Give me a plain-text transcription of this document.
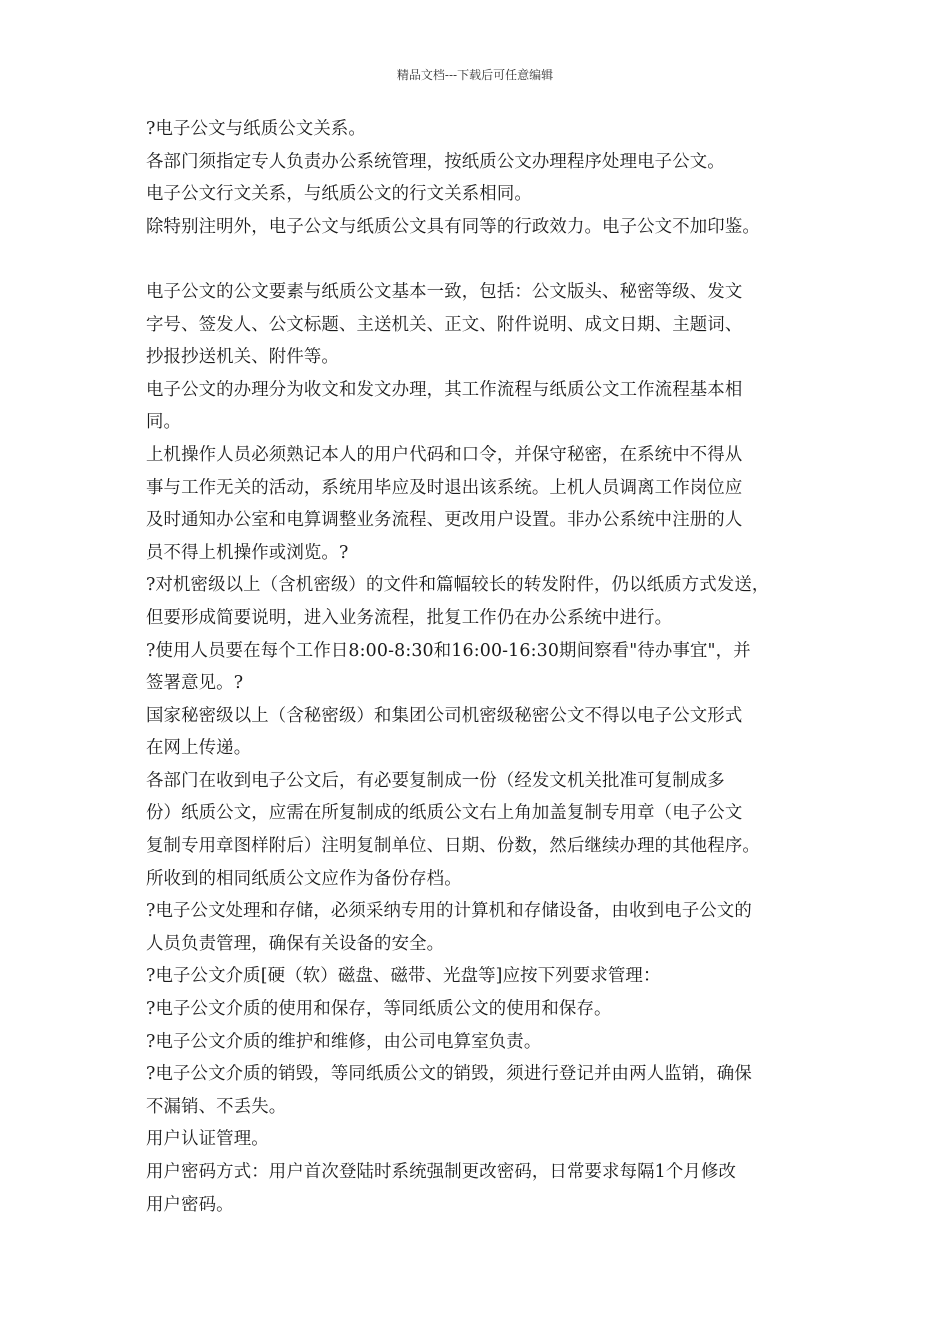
精品文档---下载后可任意编辑
?电子公文与纸质公文关系。
各部门须指定专人负责办公系统管理，按纸质公文办理程序处理电子公文。
电子公文行文关系，与纸质公文的行文关系相同。
除特别注明外，电子公文与纸质公文具有同等的行政效力。电子公文不加印鉴。
电子公文的公文要素与纸质公文基本一致，包括：公文版头、秘密等级、发文
字号、签发人、公文标题、主送机关、正文、附件说明、成文日期、主题词、
抄报抄送机关、附件等。
电子公文的办理分为收文和发文办理，其工作流程与纸质公文工作流程基本相
同。
上机操作人员必须熟记本人的用户代码和口令，并保守秘密，在系统中不得从
事与工作无关的活动，系统用毕应及时退出该系统。上机人员调离工作岗位应
及时通知办公室和电算调整业务流程、更改用户设置。非办公系统中注册的人
员不得上机操作或浏览。?
?对机密级以上（含机密级）的文件和篇幅较长的转发附件，仍以纸质方式发送，
但要形成简要说明，进入业务流程，批复工作仍在办公系统中进行。
?使用人员要在每个工作日8:00-8:30和16:00-16:30期间察看"待办事宜"，并
签署意见。?
国家秘密级以上（含秘密级）和集团公司机密级秘密公文不得以电子公文形式
在网上传递。
各部门在收到电子公文后，有必要复制成一份（经发文机关批准可复制成多
份）纸质公文，应需在所复制成的纸质公文右上角加盖复制专用章（电子公文
复制专用章图样附后）注明复制单位、日期、份数，然后继续办理的其他程序。
所收到的相同纸质公文应作为备份存档。
?电子公文处理和存储，必须采纳专用的计算机和存储设备，由收到电子公文的
人员负责管理，确保有关设备的安全。
?电子公文介质[硬（软）磁盘、磁带、光盘等]应按下列要求管理：
?电子公文介质的使用和保存，等同纸质公文的使用和保存。
?电子公文介质的维护和维修，由公司电算室负责。
?电子公文介质的销毁，等同纸质公文的销毁，须进行登记并由两人监销，确保
不漏销、不丢失。
用户认证管理。
用户密码方式：用户首次登陆时系统强制更改密码，日常要求每隔1个月修改
用户密码。
